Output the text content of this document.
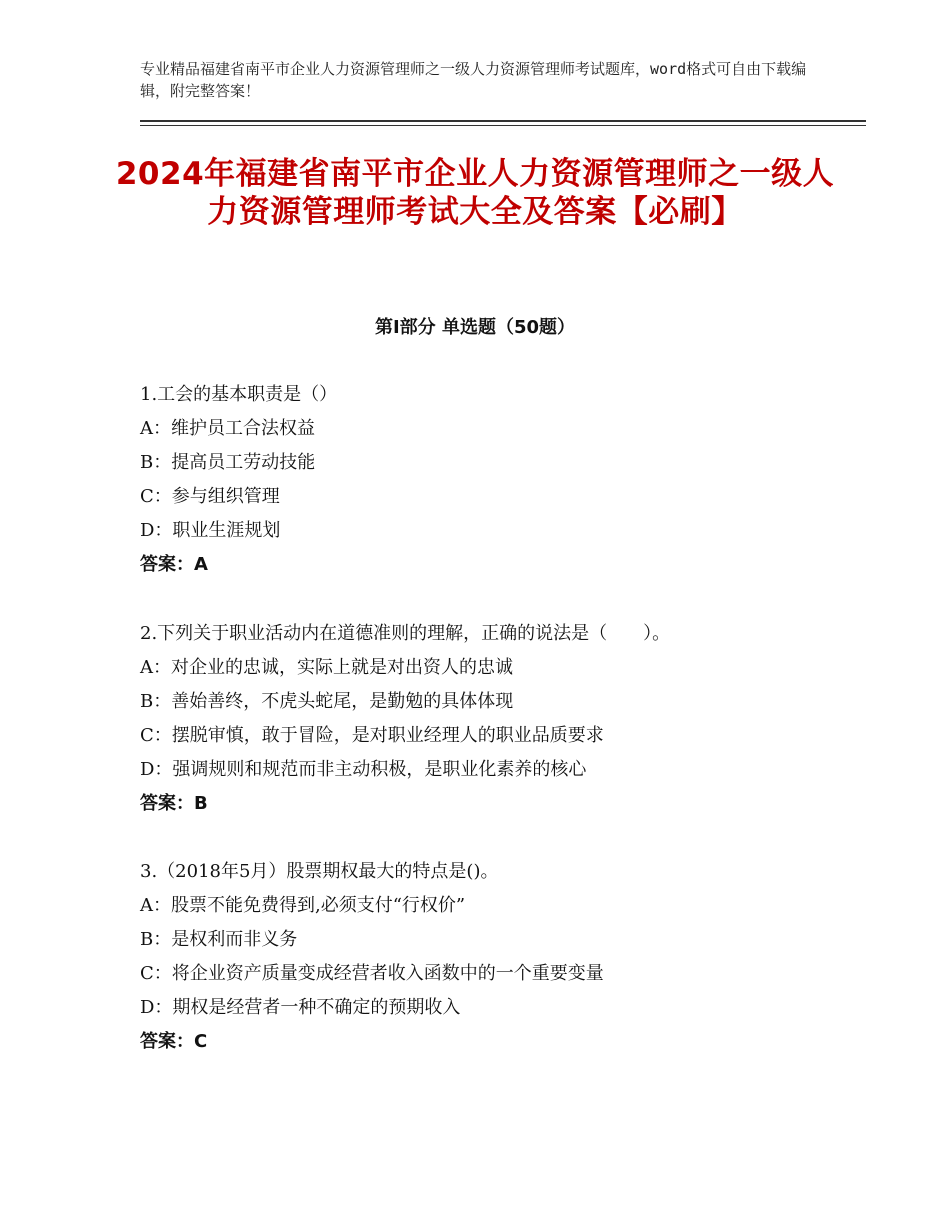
专业精品福建省南平市企业人力资源管理师之一级人力资源管理师考试题库，word格式可自由下载编辑，附完整答案！
2024年福建省南平市企业人力资源管理师之一级人力资源管理师考试大全及答案【必刷】
第Ⅰ部分 单选题（50题）
1.工会的基本职责是（）
A：维护员工合法权益
B：提高员工劳动技能
C：参与组织管理
D：职业生涯规划
答案：A
2.下列关于职业活动内在道德准则的理解，正确的说法是（　　）。
A：对企业的忠诚，实际上就是对出资人的忠诚
B：善始善终，不虎头蛇尾，是勤勉的具体体现
C：摆脱审慎，敢于冒险，是对职业经理人的职业品质要求
D：强调规则和规范而非主动积极，是职业化素养的核心
答案：B
3.（2018年5月）股票期权最大的特点是()。
A：股票不能免费得到,必须支付“行权价”
B：是权利而非义务
C：将企业资产质量变成经营者收入函数中的一个重要变量
D：期权是经营者一种不确定的预期收入
答案：C
